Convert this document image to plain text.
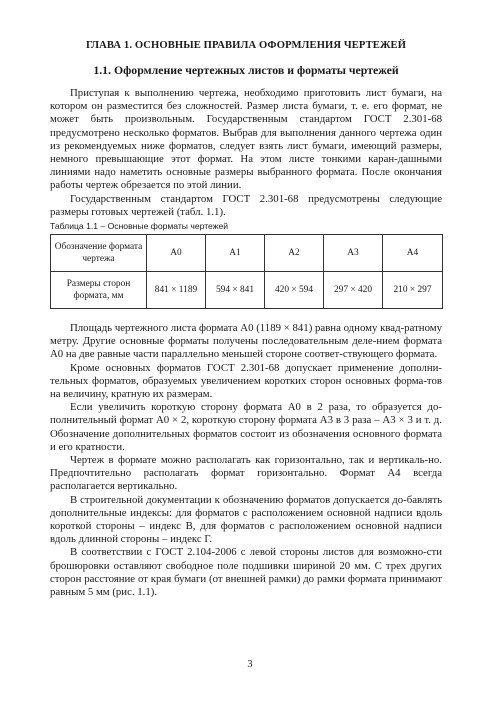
ГЛАВА 1. ОСНОВНЫЕ ПРАВИЛА ОФОРМЛЕНИЯ ЧЕРТЕЖЕЙ
1.1. Оформление чертежных листов и форматы чертежей

Приступая к выполнению чертежа, необходимо приготовить лист бумаги, на котором он разместится без сложностей. Размер листа бумаги, т. е. его формат, не может быть произвольным. Государственным стандартом ГОСТ 2.301-68 предусмотрено несколько форматов. Выбрав для выполнения данного чертежа один из рекомендуемых ниже форматов, следует взять лист бумаги, имеющий размеры, немного превышающие этот формат. На этом листе тонкими каран-дашными линиями надо наметить основные размеры выбранного формата. После окончания работы чертеж обрезается по этой линии.

Государственным стандартом ГОСТ 2.301-68 предусмотрены следующие размеры готовых чертежей (табл. 1.1).

Таблица 1.1 – Основные форматы чертежей
Обозначение формата чертежа	А0	А1	А2	А3	А4
Размеры сторон формата, мм	841 × 1189	594 × 841	420 × 594	297 × 420	210 × 297

Площадь чертежного листа формата А0 (1189 × 841) равна одному квад-ратному метру. Другие основные форматы получены последовательным деле-нием формата А0 на две равные части параллельно меньшей стороне соответ-ствующего формата.

Кроме основных форматов ГОСТ 2.301-68 допускает применение дополни-тельных форматов, образуемых увеличением коротких сторон основных форма-тов на величину, кратную их размерам.

Если увеличить короткую сторону формата А0 в 2 раза, то образуется до-полнительный формат А0 × 2, короткую сторону формата А3 в 3 раза – А3 × 3 и т. д. Обозначение дополнительных форматов состоит из обозначения основного формата и его кратности.

Чертеж в формате можно располагать как горизонтально, так и вертикаль-но. Предпочтительно располагать формат горизонтально. Формат А4 всегда располагается вертикально.

В строительной документации к обозначению форматов допускается до-бавлять дополнительные индексы: для форматов с расположением основной надписи вдоль короткой стороны – индекс В, для форматов с расположением основной надписи вдоль длинной стороны – индекс Г.

В соответствии с ГОСТ 2.104-2006 с левой стороны листов для возможно-сти брошюровки оставляют свободное поле подшивки шириной 20 мм. С трех других сторон расстояние от края бумаги (от внешней рамки) до рамки формата принимают равным 5 мм (рис. 1.1).

3
